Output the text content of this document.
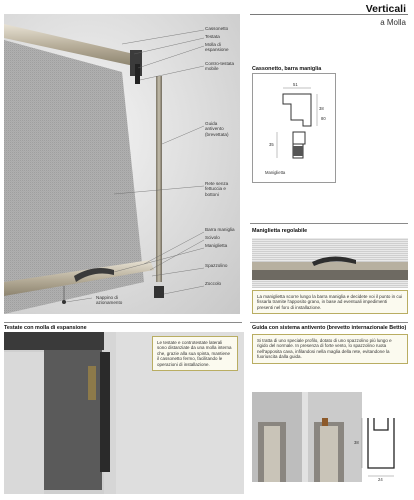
Verticali
a Molla
Cassonetto
Testata
Molla di
espansione
Contro-testata
mobile
Guida
antivento
(brevettata)
Rete senza
fettuccia e
bottoni
Barra maniglia
Scivolo
Maniglietta
Spazzolino
Zoccolo
Nappino di
azionamento
Cassonetto, barra maniglia
51
38
80
35
Maniglietta
Maniglietta regolabile
La maniglietta scorre lungo la barra maniglia e decidete voi il punto in cui fissarla tramite l'apposito grano, in base ad eventuali impedimenti presenti nel foro di installazione.
Testate con molla di espansione
Le testate e controtestate laterali sono distanziate da una molla interna che, grazie alla sua spinta, mantiene il cassonetto fermo, facilitando le operazioni di installazione.
Guida con sistema antivento (brevetto internazionale Bettio)
Si tratta di uno speciale profilo, dotato di uno spazzolino più lungo e rigido del normale. In presenza di forte vento, lo spazzolino ruota nell'apposita cava, infilandosi nella maglia della rete, evitandone la fuoriuscita dalla guida.
38
24
